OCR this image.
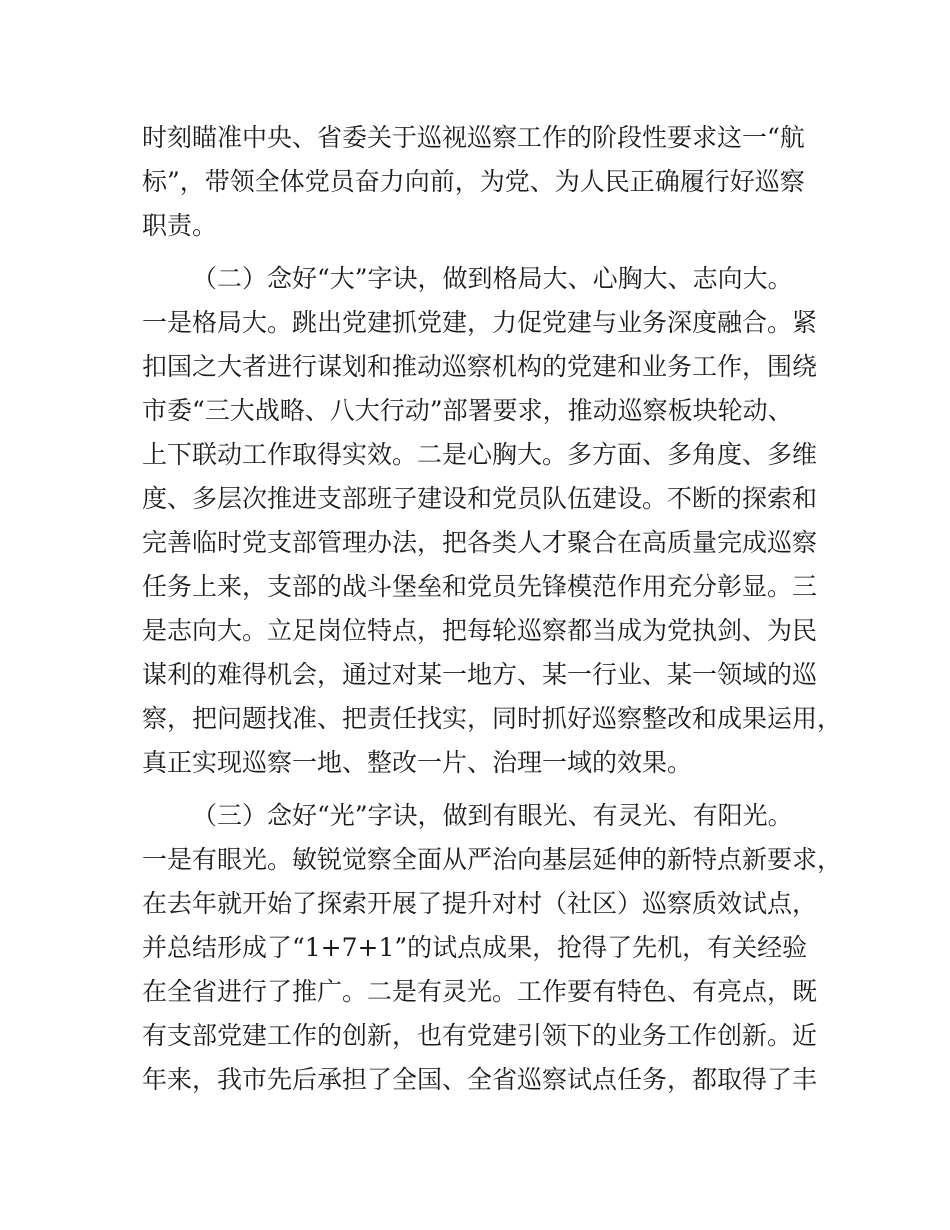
时刻瞄准中央、省委关于巡视巡察工作的阶段性要求这一“航
标”，带领全体党员奋力向前，为党、为人民正确履行好巡察
职责。
（二）念好“大”字诀，做到格局大、心胸大、志向大。
一是格局大。跳出党建抓党建，力促党建与业务深度融合。紧
扣国之大者进行谋划和推动巡察机构的党建和业务工作，围绕
市委“三大战略、八大行动”部署要求，推动巡察板块轮动、
上下联动工作取得实效。二是心胸大。多方面、多角度、多维
度、多层次推进支部班子建设和党员队伍建设。不断的探索和
完善临时党支部管理办法，把各类人才聚合在高质量完成巡察
任务上来，支部的战斗堡垒和党员先锋模范作用充分彰显。三
是志向大。立足岗位特点，把每轮巡察都当成为党执剑、为民
谋利的难得机会，通过对某一地方、某一行业、某一领域的巡
察，把问题找准、把责任找实，同时抓好巡察整改和成果运用，
真正实现巡察一地、整改一片、治理一域的效果。
（三）念好“光”字诀，做到有眼光、有灵光、有阳光。
一是有眼光。敏锐觉察全面从严治向基层延伸的新特点新要求，
在去年就开始了探索开展了提升对村（社区）巡察质效试点，
并总结形成了“1+7+1”的试点成果，抢得了先机，有关经验
在全省进行了推广。二是有灵光。工作要有特色、有亮点，既
有支部党建工作的创新，也有党建引领下的业务工作创新。近
年来，我市先后承担了全国、全省巡察试点任务，都取得了丰
